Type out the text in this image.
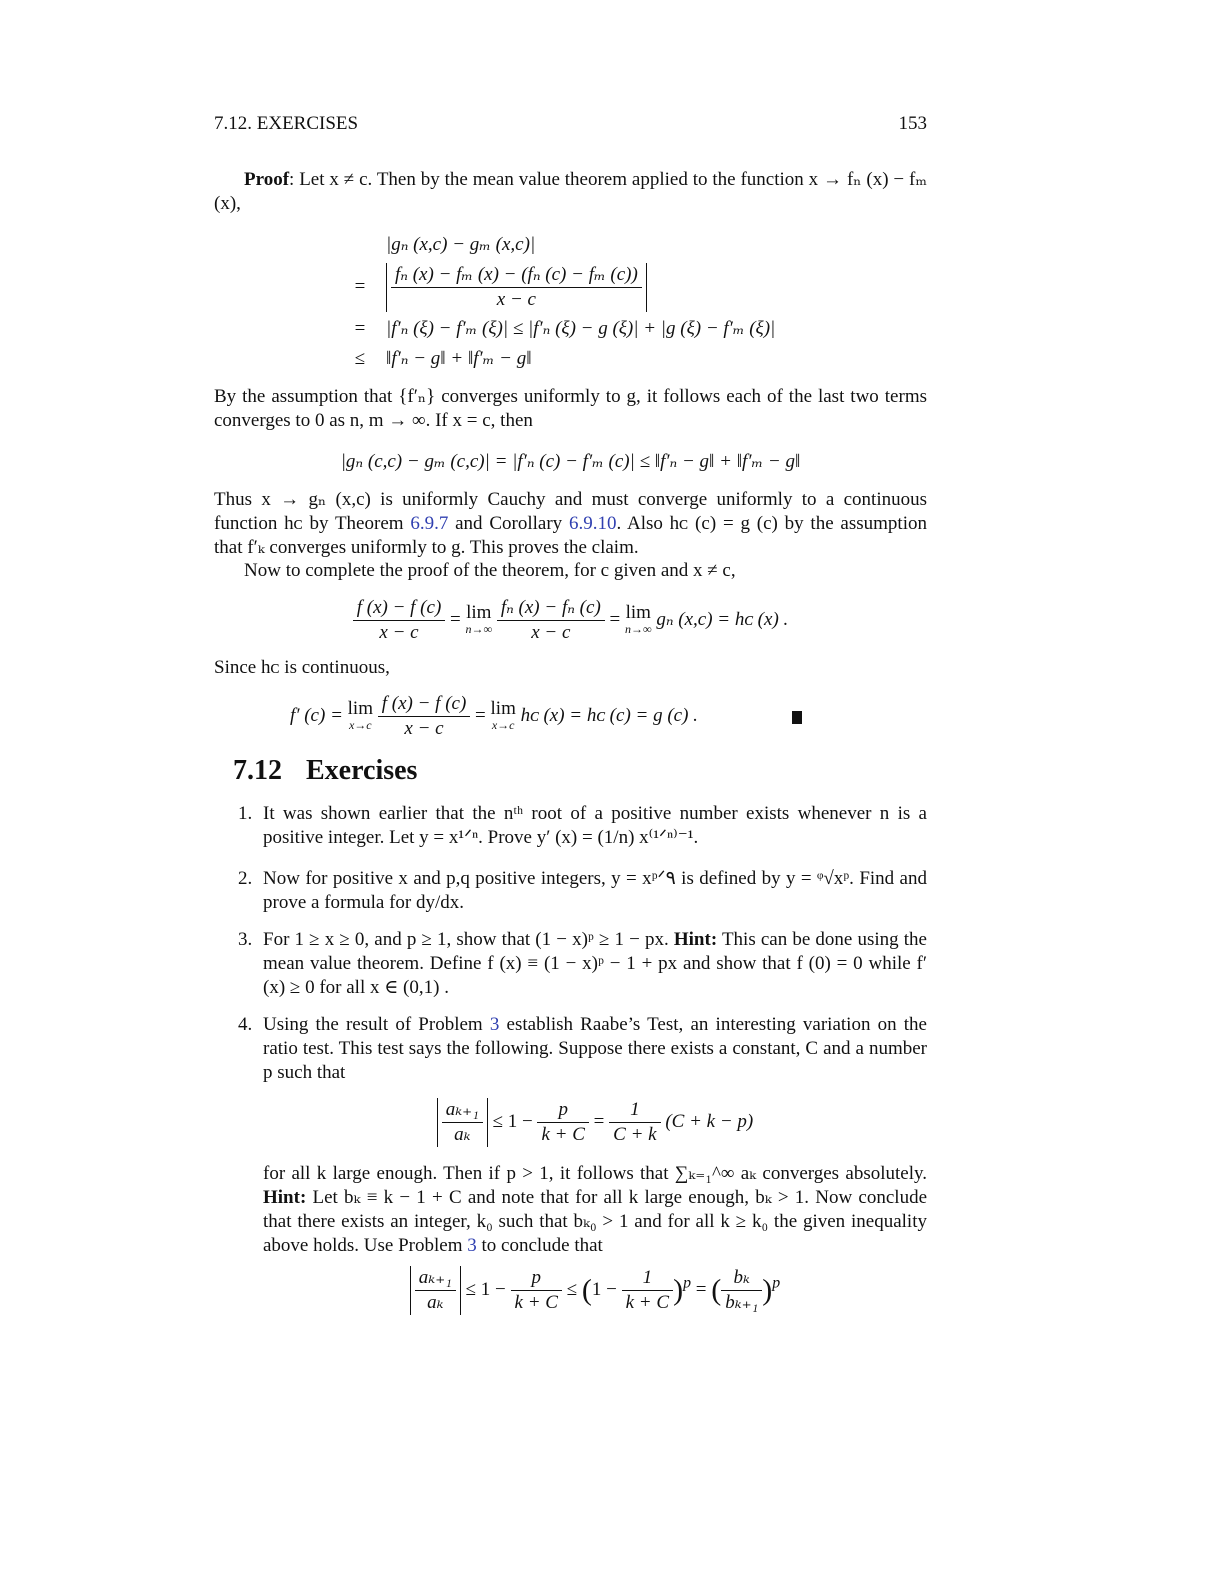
7.12. EXERCISES	153
Proof: Let x ≠ c. Then by the mean value theorem applied to the function x → fₙ (x) − fₘ (x),
	|gₙ (x,c) − gₘ (x,c)|
=	$\frac{\text{fₙ (x) − fₘ (x) − (fₙ (c) − fₘ (c))}}{x - c}$

=	|f′ₙ (ξ) − f′ₘ (ξ)| ≤ |f′ₙ (ξ) − g (ξ)| + |g (ξ) − f′ₘ (ξ)|
≤	‖f′ₙ − g‖ + ‖f′ₘ − g‖
By the assumption that {f′ₙ} converges uniformly to g, it follows each of the last two terms converges to 0 as n, m → ∞. If x = c, then
|gₙ (c,c) − gₘ (c,c)| = |f′ₙ (c) − f′ₘ (c)| ≤ ‖f′ₙ − g‖ + ‖f′ₘ − g‖
Thus x → gₙ (x,c) is uniformly Cauchy and must converge uniformly to a continuous function hᴄ by Theorem 6.9.7 and Corollary 6.9.10. Also hᴄ (c) = g (c) by the assumption that f′ₖ converges uniformly to g. This proves the claim.
Now to complete the proof of the theorem, for c given and x ≠ c,
$\frac{f (x) - f (c)}{x - c} = \lim$
n→∞
$\frac{\text{fₙ (x) − fₙ (c)}}{x - c} = \lim$
n→∞ gₙ (x,c) = hᴄ (x) .
Since hᴄ is continuous,
f′ (c) = lim
x→c
$\frac{f (x) - f (c)}{x - c} = \lim$
x→c hᴄ (x) = hᴄ (c) = g (c) .
7.12 Exercises
1. It was shown earlier that the nᵗʰ root of a positive number exists whenever n is a positive integer. Let y = x¹ᐟⁿ. Prove y′ (x) = (1/n) x⁽¹ᐟⁿ⁾⁻¹.
2. Now for positive x and p,q positive integers, y = xᵖᐟ۹ is defined by y = ᵠ√xᵖ. Find and prove a formula for dy/dx.
3. For 1 ≥ x ≥ 0, and p ≥ 1, show that (1 − x)ᵖ ≥ 1 − px. Hint: This can be done using the mean value theorem. Define f (x) ≡ (1 − x)ᵖ − 1 + px and show that f (0) = 0 while f′ (x) ≥ 0 for all x ∈ (0,1) .
4. Using the result of Problem 3 establish Raabe’s Test, an interesting variation on the ratio test. This test says the following. Suppose there exists a constant, C and a number p such that
$\frac{\text{aₖ₊₁}}{\text{aₖ}} \le 1 - \frac{p}{k + C} = \frac{1}{C + k} (C + k - p)$
for all k large enough. Then if p > 1, it follows that ∑ₖ₌₁^∞ aₖ converges absolutely. Hint: Let bₖ ≡ k − 1 + C and note that for all k large enough, bₖ > 1. Now conclude that there exists an integer, k₀ such that bₖ₀ > 1 and for all k ≥ k₀ the given inequality above holds. Use Problem 3 to conclude that
$\frac{\text{aₖ₊₁}}{\text{aₖ}} \le 1 - \frac{p}{k + C} \le (1 - \frac{1}{k + C} )^p$ = ( $\frac{\text{bₖ}}{\text{bₖ₊₁}} )^p$
